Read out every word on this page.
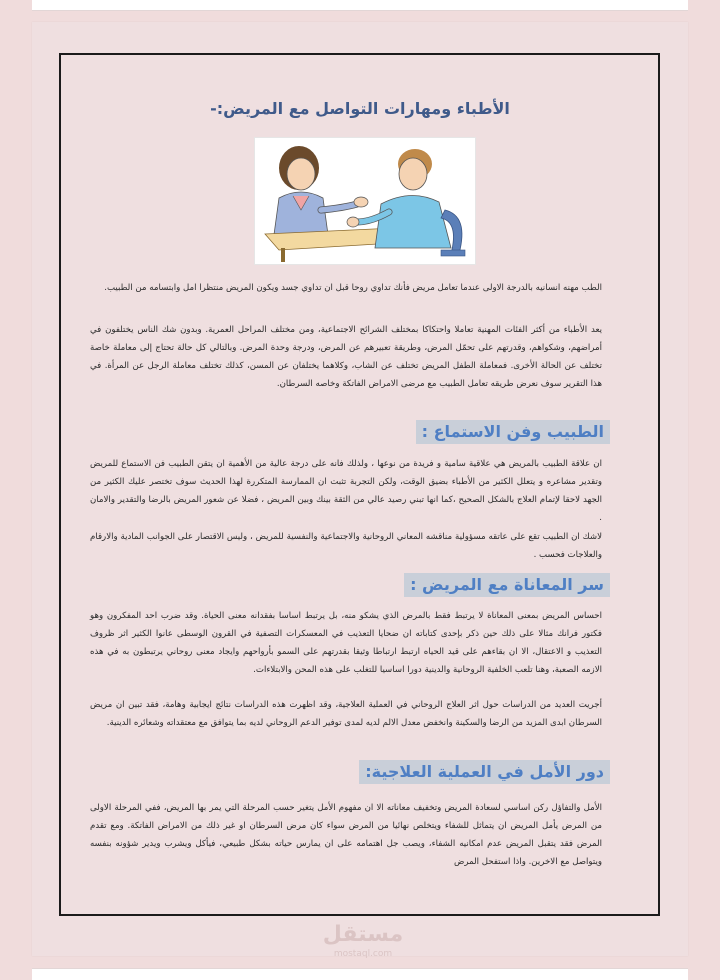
الأطباء ومهارات التواصل مع المريض:-

الطب مهنه انسانيه بالدرجة الاولى عندما تعامل مريض فأنك تداوي روحا قبل ان تداوي جسد ويكون المريض منتظرا امل وابتسامه من الطبيب.

يعد الأطباء من أكثر الفئات المهنية تعاملا واحتكاكا بمختلف الشرائح الاجتماعية، ومن مختلف المراحل العمرية. وبدون شك الناس يختلفون في أمراضهم، وشكواهم، وقدرتهم على تحمّل المرض، وطريقة تعبيرهم عن المرض، ودرجة وحدة المرض. وبالتالي كل حالة تحتاج إلى معاملة خاصة تختلف عن الحالة الأخرى. فمعاملة الطفل المريض تختلف عن الشاب، وكلاهما يختلفان عن المسن، كذلك تختلف معاملة الرجل عن المرأة. في هذا التقرير سوف نعرض طريقه تعامل الطبيب مع مرضى الامراض الفاتكة وخاصه السرطان.

الطبيب وفن الاستماع :

ان علاقة الطبيب بالمريض هي علاقية سامية و فريدة من نوعها ، ولذلك فانه على درجة عالية من الأهمية ان يتقن الطبيب فن الاستماع للمريض وتقدير مشاعره و يتعلل الكثير من الأطباء بضيق الوقت، ولكن التجربة تثبت ان الممارسة المتكررة لهذا الحديث سوف تختصر عليك الكثير من الجهد لاحقا لإتمام العلاج بالشكل الصحيح ،كما انها تبني رصيد عالي من الثقة بينك وبين المريض ، فضلا عن شعور المريض بالرضا والتقدير والامان .

لاشك ان الطبيب تقع على عاتقه مسؤولية مناقشه المعاني الروحانية والاجتماعية والنفسية للمريض ، وليس الاقتصار على الجوانب المادية والارقام والعلاجات فحسب .

سر المعاناة مع المريض :

احساس المريض بمعنى المعاناة لا يرتبط فقط بالمرض الذي يشكو منه، بل يرتبط اساسا بفقدانه معنى الحياة. وقد ضرب احد المفكرون وهو فكتور فرانك مثالا على ذلك حين ذكر بإحدى كتاباته ان ضحايا التعذيب في المعسكرات التصفية في القرون الوسطى عانوا الكثير اثر ظروف التعذيب و الاعتقال، الا ان بقاءهم على قيد الحياه ارتبط ارتباطا وثيقا بقدرتهم على السمو بأرواحهم وايجاد معنى روحاني يرتبطون به في هذه الازمه الصعبة، وهنا تلعب الخلفية الروحانية والدينية دورا اساسيا للتغلب على هذه المحن والابتلاءات.

أجريت العديد من الدراسات حول اثر العلاج الروحاني في العملية العلاجية، وقد اظهرت هذه الدراسات نتائج ايجابية وهامة، فقد تبين ان مريض السرطان ابدى المزيد من الرضا والسكينة وانخفض معدل الالم لديه لمدى توفير الدعم الروحاني لديه بما يتوافق مع معتقداته وشعائره الدينية.

دور الأمل في العملية العلاجية:

الأمل والتفاؤل ركن اساسي لسعادة المريض وتخفيف معاناته الا ان مفهوم الأمل يتغير حسب المرحلة التي يمر بها المريض، ففي المرحلة الاولى من المرض يأمل المريض ان يتماثل للشفاء ويتخلص نهائيا من المرض سواء كان مرض السرطان او غير ذلك من الامراض الفاتكة. ومع تقدم المرض فقد يتقبل المريض عدم امكانيه الشفاء، ويصب جل اهتمامه على ان يمارس حياته بشكل طبيعي، فيأكل ويشرب ويدير شؤونه بنفسه ويتواصل مع الاخرين. واذا استفحل المرض

مستقل
mostaql.com
